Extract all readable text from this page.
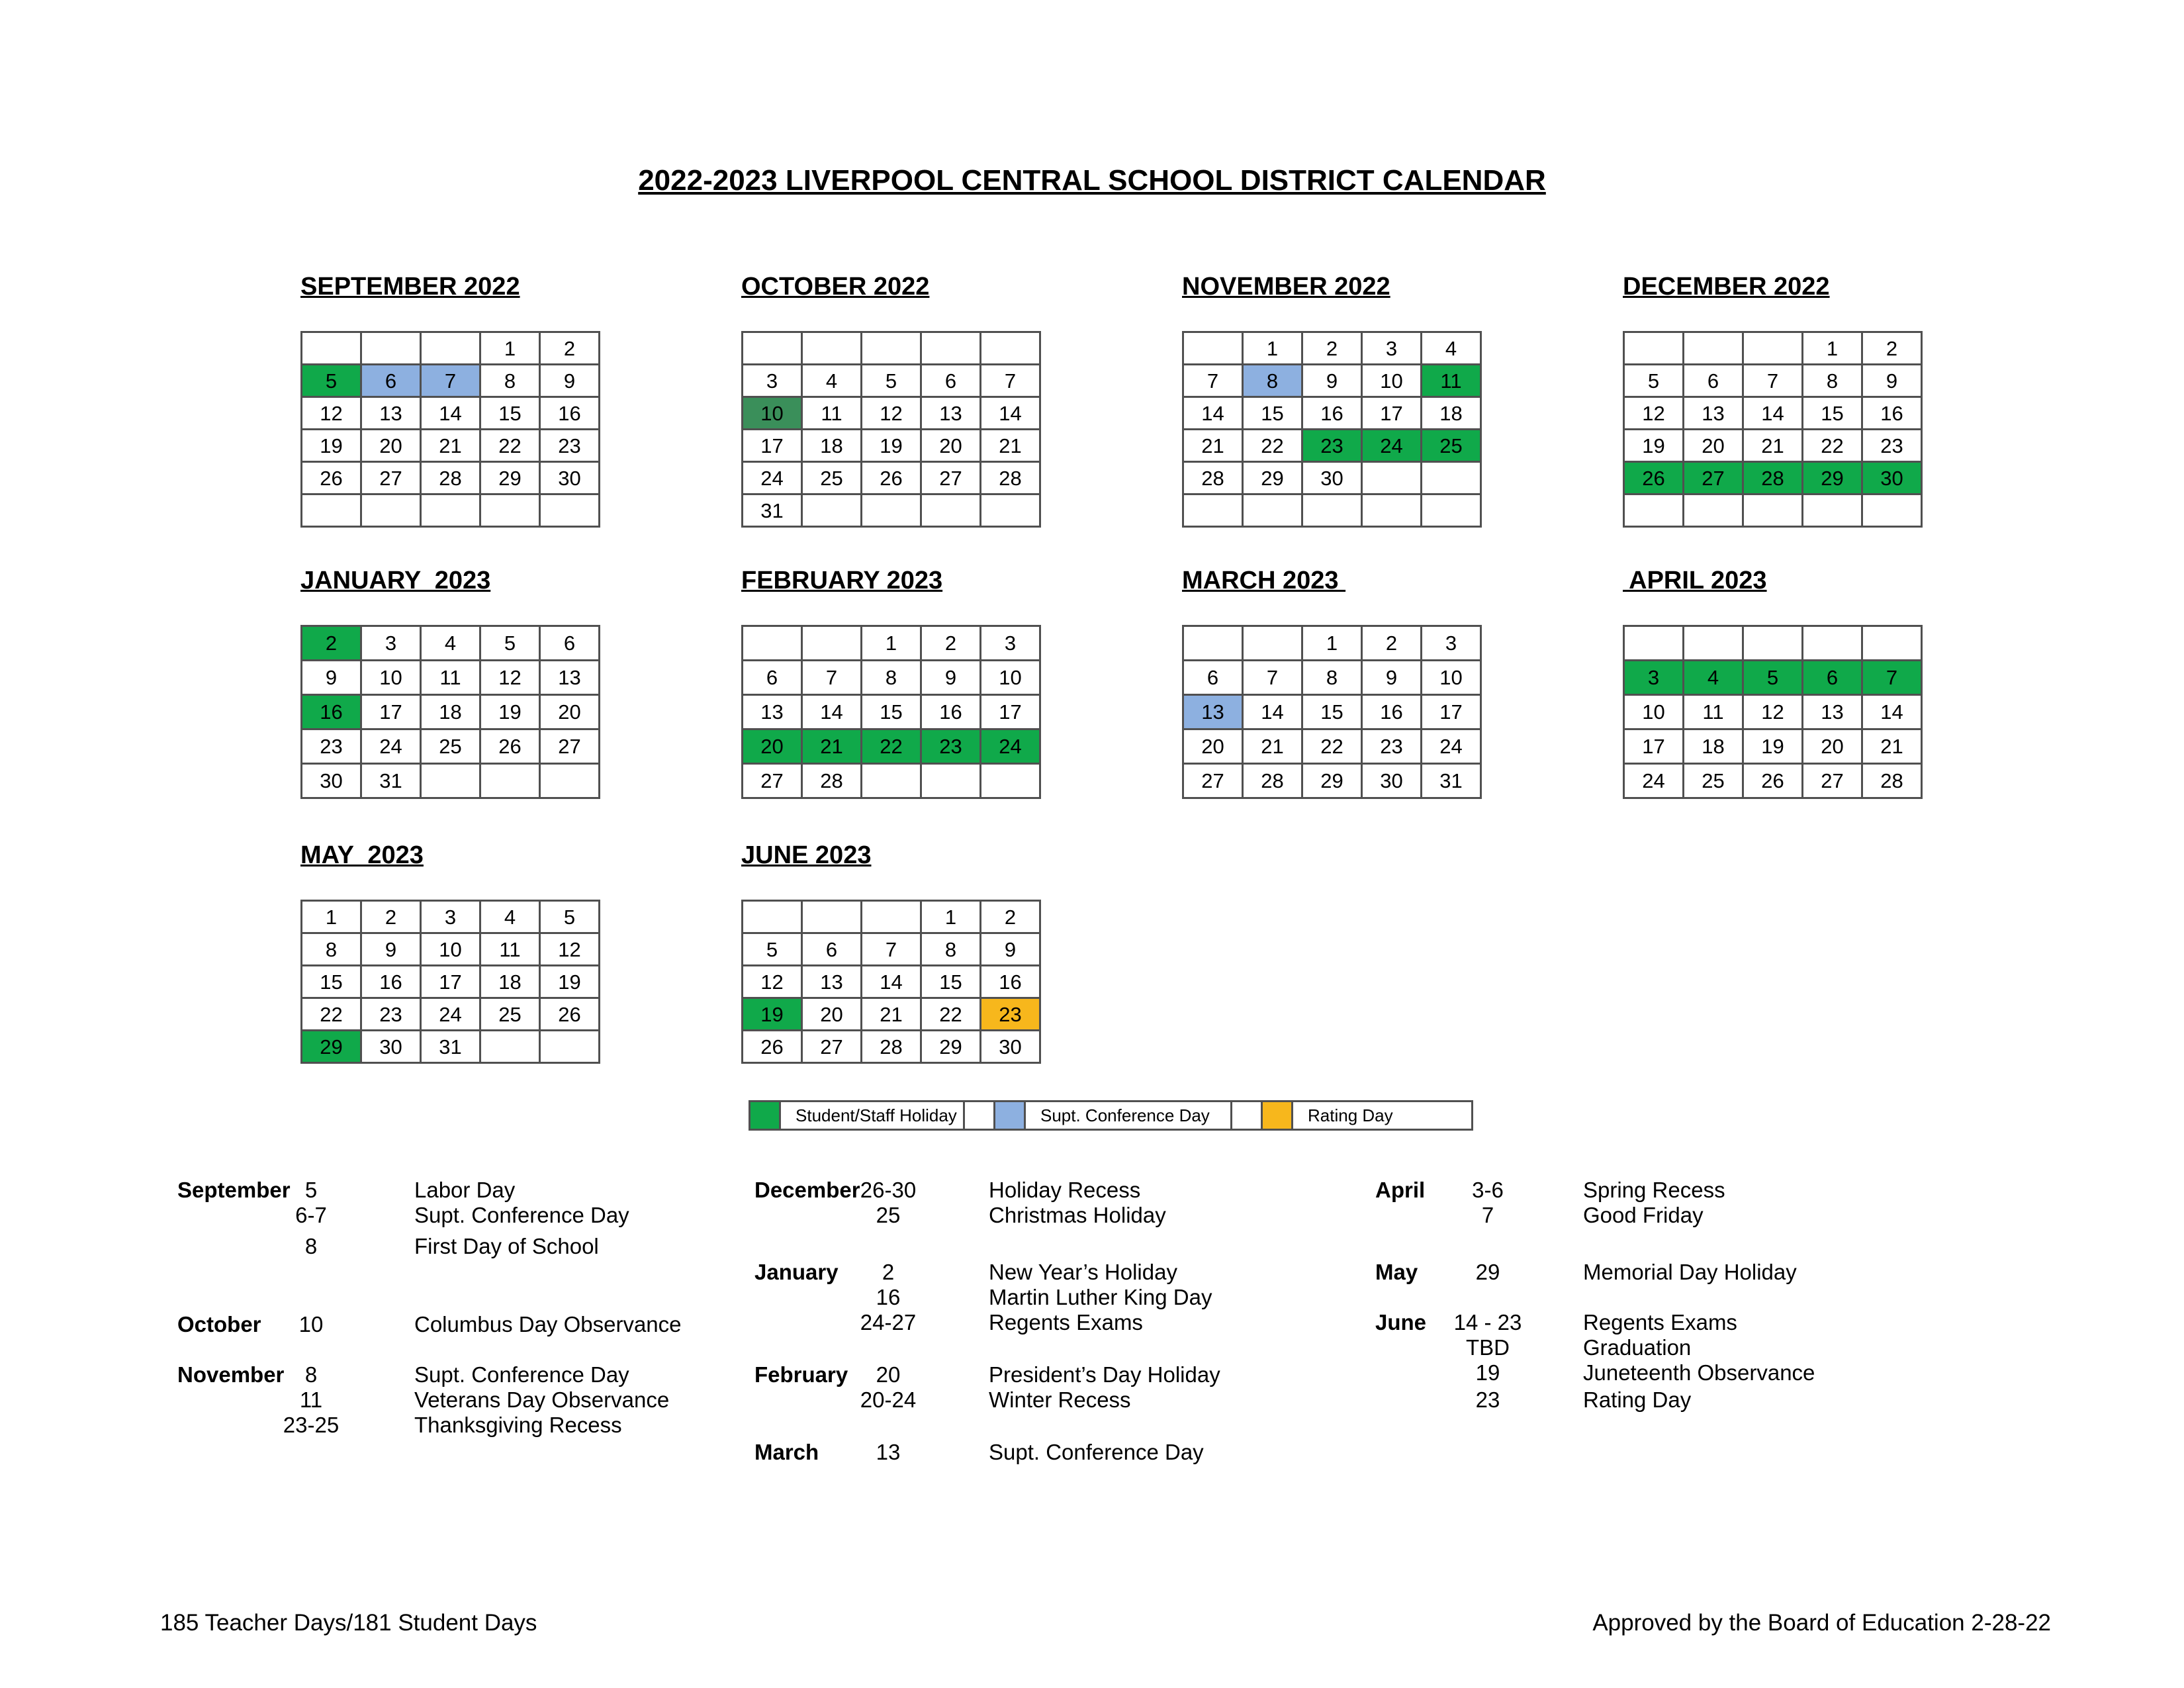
2022-2023 LIVERPOOL CENTRAL SCHOOL DISTRICT CALENDAR
SEPTEMBER 2022
			1	2
5	6	7	8	9
12	13	14	15	16
19	20	21	22	23
26	27	28	29	30

OCTOBER 2022

3	4	5	6	7
10	11	12	13	14
17	18	19	20	21
24	25	26	27	28
31				
NOVEMBER 2022
	1	2	3	4
7	8	9	10	11
14	15	16	17	18
21	22	23	24	25
28	29	30		

DECEMBER 2022
			1	2
5	6	7	8	9
12	13	14	15	16
19	20	21	22	23
26	27	28	29	30

JANUARY  2023
2	3	4	5	6
9	10	11	12	13
16	17	18	19	20
23	24	25	26	27
30	31			
FEBRUARY 2023
		1	2	3
6	7	8	9	10
13	14	15	16	17
20	21	22	23	24
27	28			
MARCH 2023
		1	2	3
6	7	8	9	10
13	14	15	16	17
20	21	22	23	24
27	28	29	30	31
APRIL 2023

3	4	5	6	7
10	11	12	13	14
17	18	19	20	21
24	25	26	27	28
MAY  2023
1	2	3	4	5
8	9	10	11	12
15	16	17	18	19
22	23	24	25	26
29	30	31		
JUNE 2023
			1	2
5	6	7	8	9
12	13	14	15	16
19	20	21	22	23
26	27	28	29	30
Student/Staff Holiday	Supt. Conference Day	Rating Day
September 5	Labor Day
6-7	Supt. Conference Day
8	First Day of School
October	10	Columbus Day Observance
November 8	Supt. Conference Day
11	Veterans Day Observance
23-25	Thanksgiving Recess
December 26-30	Holiday Recess
25	Christmas Holiday
January	2	New Year’s Holiday
16	Martin Luther King Day
24-27	Regents Exams
February	20	President’s Day Holiday
20-24	Winter Recess
March	13	Supt. Conference Day
April	3-6	Spring Recess
7	Good Friday
May	29	Memorial Day Holiday
June	14 - 23	Regents Exams
TBD	Graduation
19	Juneteenth Observance
23	Rating Day
185 Teacher Days/181 Student Days	Approved by the Board of Education 2-28-22
